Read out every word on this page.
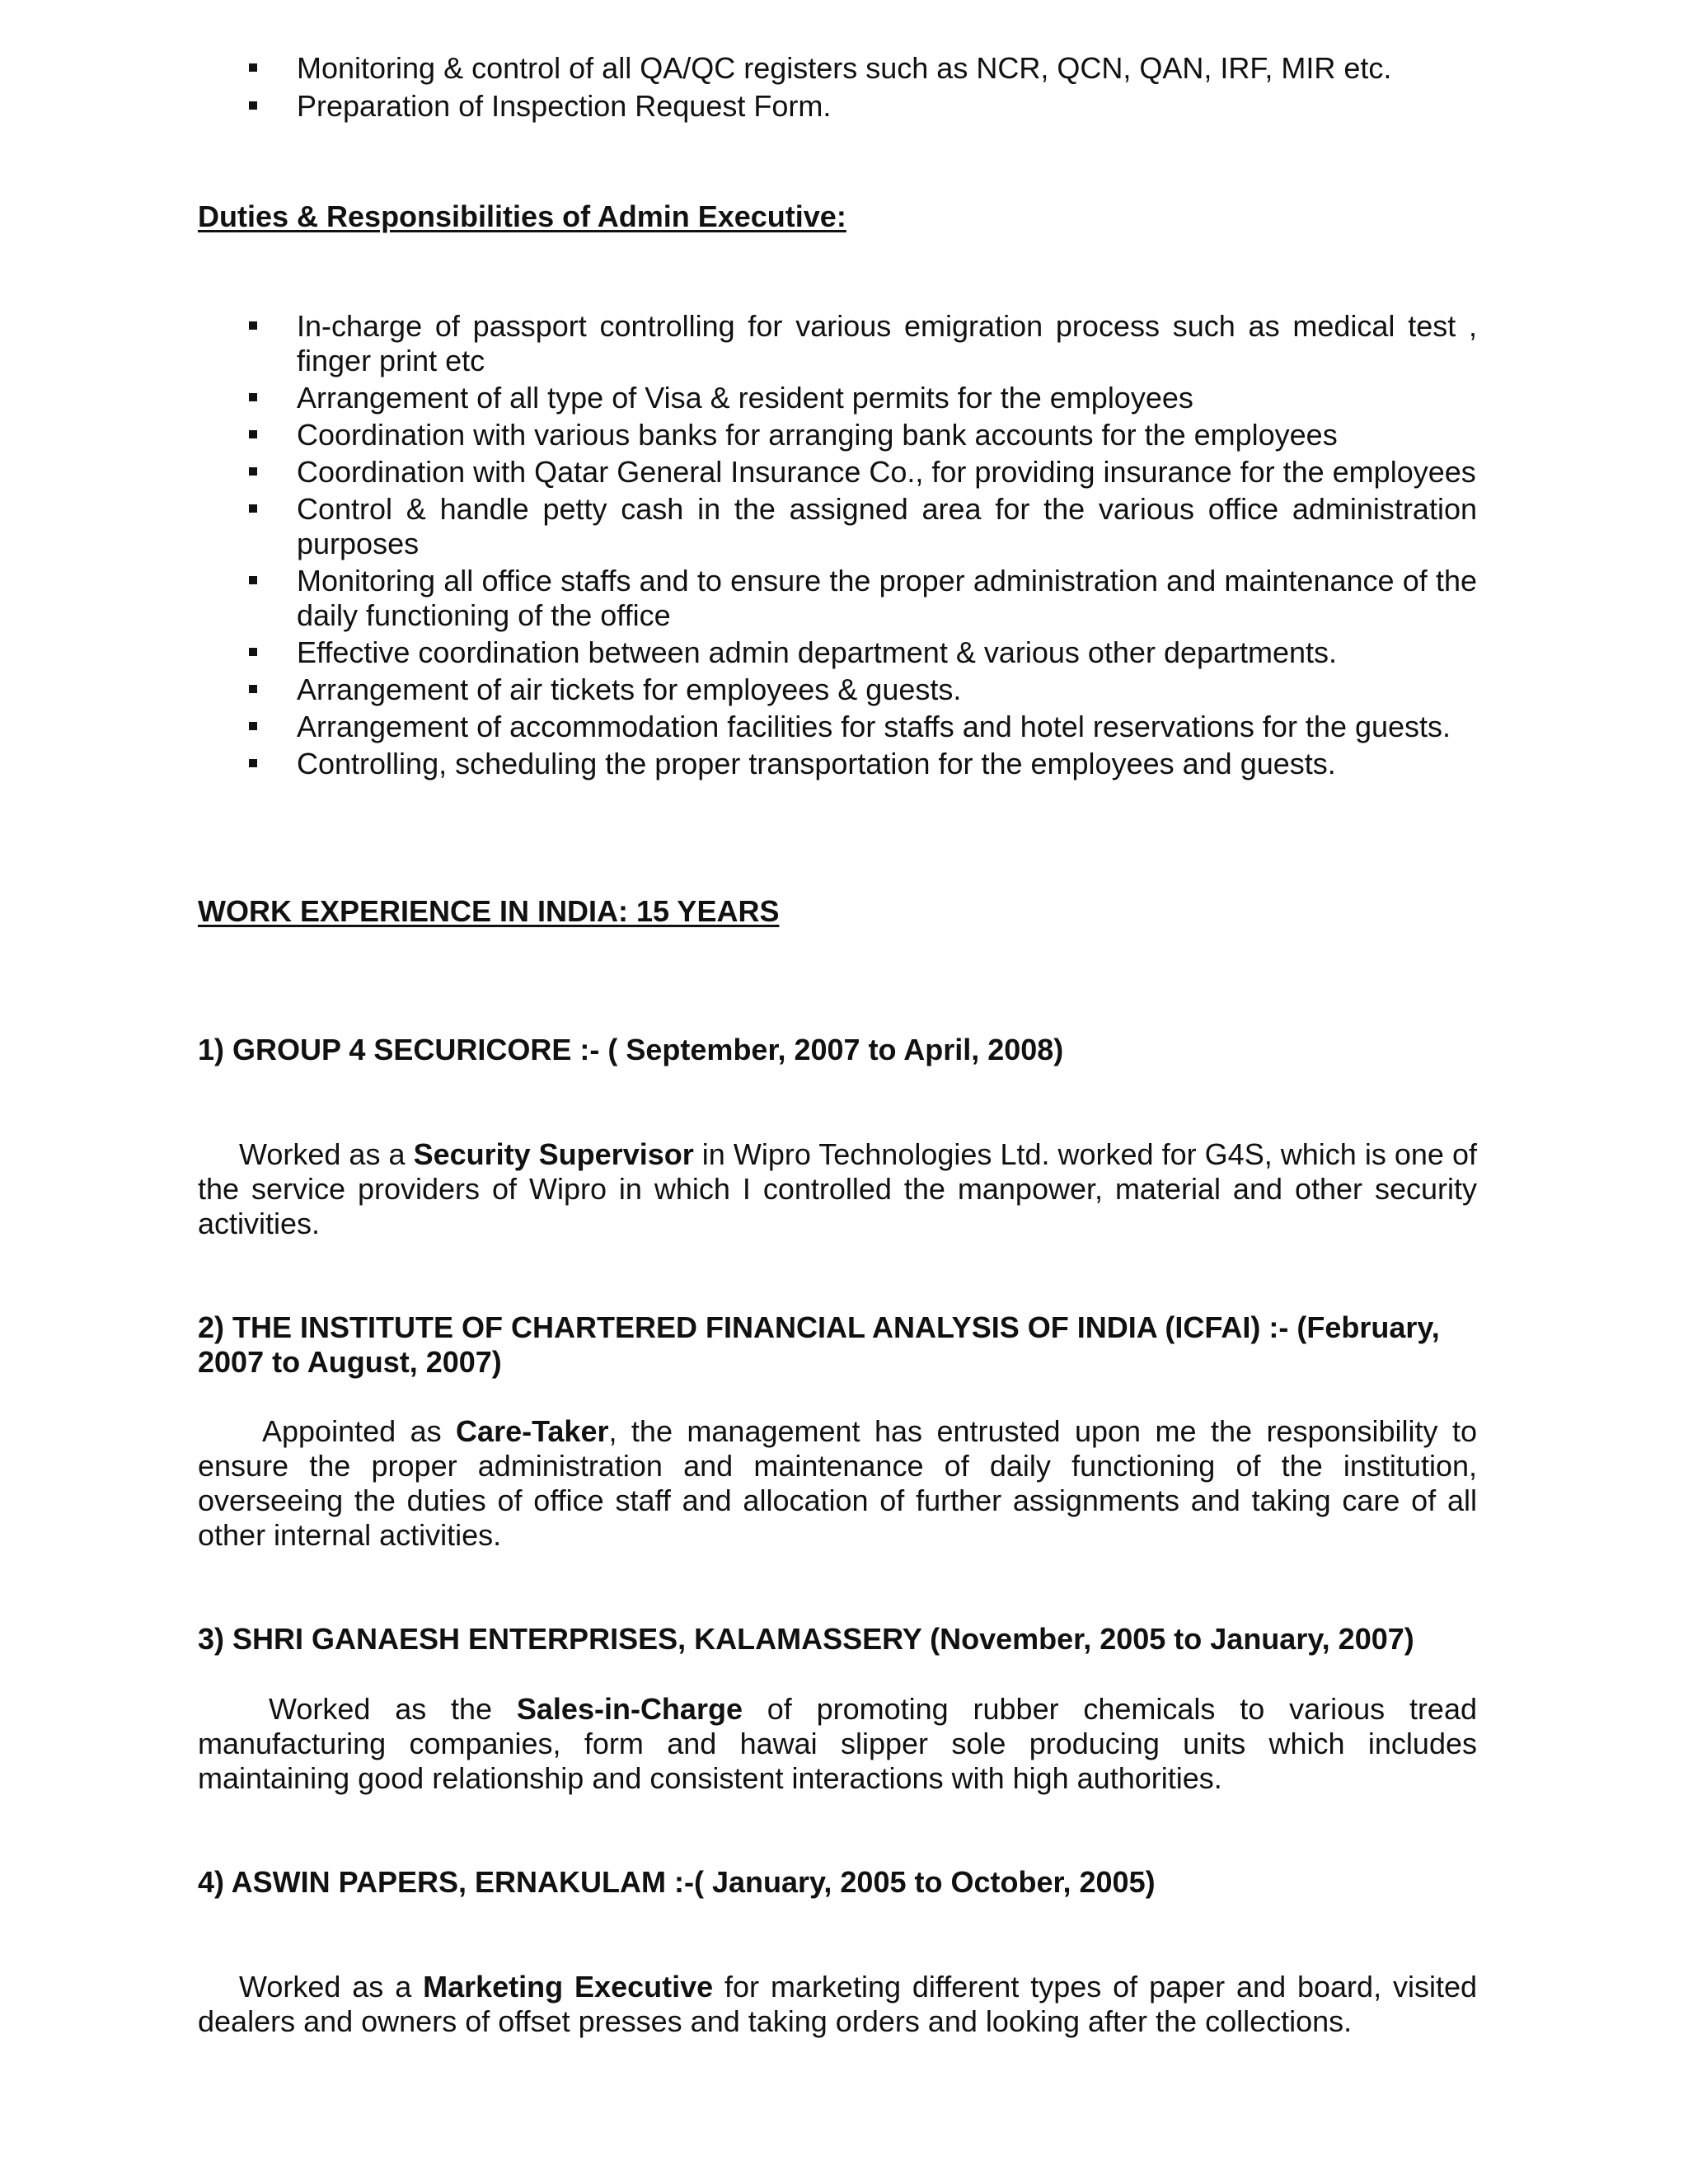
Monitoring & control of all QA/QC registers such as NCR, QCN, QAN, IRF, MIR etc.
Preparation of Inspection Request Form.
Duties & Responsibilities of Admin Executive:
In-charge of passport controlling for various emigration process such as medical test , finger print etc
Arrangement of all type of Visa & resident permits for the employees
Coordination with various banks for arranging bank accounts for the employees
Coordination with Qatar General Insurance Co., for providing insurance for the employees
Control & handle petty cash in the assigned area for the various office administration purposes
Monitoring all office staffs and to ensure the proper administration and maintenance of the daily functioning of the office
Effective coordination between admin department & various other departments.
Arrangement of air tickets for employees & guests.
Arrangement of accommodation facilities for staffs and hotel reservations for the guests.
Controlling, scheduling the proper transportation for the employees and guests.
WORK EXPERIENCE IN INDIA: 15 YEARS
1) GROUP 4 SECURICORE :- ( September, 2007 to April, 2008)

Worked as a Security Supervisor in Wipro Technologies Ltd. worked for G4S, which is one of the service providers of Wipro in which I controlled the manpower, material and other security activities.

2) THE INSTITUTE OF CHARTERED FINANCIAL ANALYSIS OF INDIA (ICFAI) :- (February, 2007 to August, 2007)

Appointed as Care-Taker, the management has entrusted upon me the responsibility to ensure the proper administration and maintenance of daily functioning of the institution, overseeing the duties of office staff and allocation of further assignments and taking care of all other internal activities.

3) SHRI GANAESH ENTERPRISES, KALAMASSERY (November, 2005 to January, 2007)

Worked as the Sales-in-Charge of promoting rubber chemicals to various tread manufacturing companies, form and hawai slipper sole producing units which includes maintaining good relationship and consistent interactions with high authorities.

4) ASWIN PAPERS, ERNAKULAM :-( January, 2005 to October, 2005)

Worked as a Marketing Executive for marketing different types of paper and board, visited dealers and owners of offset presses and taking orders and looking after the collections.
